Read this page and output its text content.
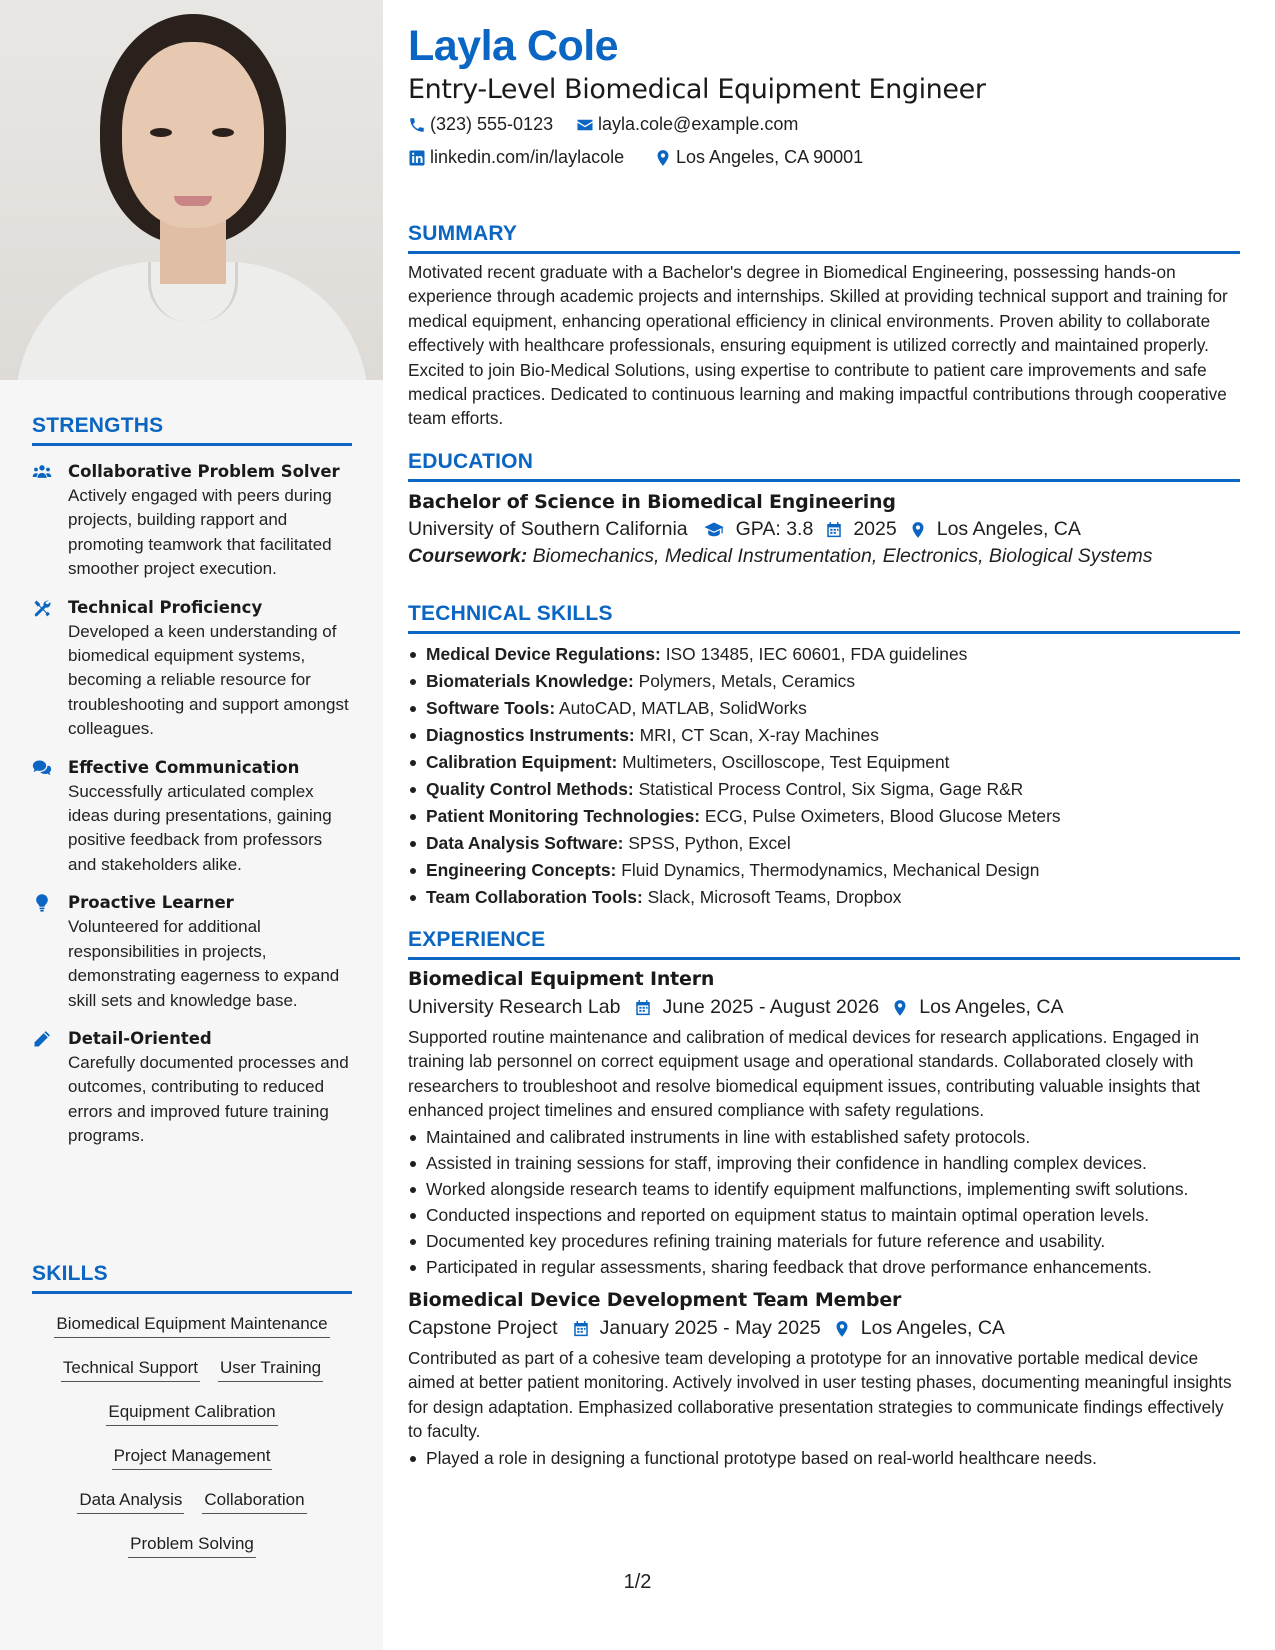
STRENGTHS
Collaborative Problem Solver
Actively engaged with peers during projects, building rapport and promoting teamwork that facilitated smoother project execution.
Technical Proficiency
Developed a keen understanding of biomedical equipment systems, becoming a reliable resource for troubleshooting and support amongst colleagues.
Effective Communication
Successfully articulated complex ideas during presentations, gaining positive feedback from professors and stakeholders alike.
Proactive Learner
Volunteered for additional responsibilities in projects, demonstrating eagerness to expand skill sets and knowledge base.
Detail-Oriented
Carefully documented processes and outcomes, contributing to reduced errors and improved future training programs.
SKILLS
Biomedical Equipment Maintenance
Technical Support User Training
Equipment Calibration
Project Management
Data Analysis Collaboration
Problem Solving
Layla Cole
Entry-Level Biomedical Equipment Engineer
(323) 555-0123 layla.cole@example.com
linkedin.com/in/laylacole	Los Angeles, CA 90001
SUMMARY
Motivated recent graduate with a Bachelor's degree in Biomedical Engineering, possessing hands-on experience through academic projects and internships. Skilled at providing technical support and training for medical equipment, enhancing operational efficiency in clinical environments. Proven ability to collaborate effectively with healthcare professionals, ensuring equipment is utilized correctly and maintained properly. Excited to join Bio-Medical Solutions, using expertise to contribute to patient care improvements and safe medical practices. Dedicated to continuous learning and making impactful contributions through cooperative team efforts.
EDUCATION
Bachelor of Science in Biomedical Engineering
University of Southern California GPA: 3.8 2025 Los Angeles, CA
Coursework: Biomechanics, Medical Instrumentation, Electronics, Biological Systems
TECHNICAL SKILLS
Medical Device Regulations: ISO 13485, IEC 60601, FDA guidelines
Biomaterials Knowledge: Polymers, Metals, Ceramics
Software Tools: AutoCAD, MATLAB, SolidWorks
Diagnostics Instruments: MRI, CT Scan, X-ray Machines
Calibration Equipment: Multimeters, Oscilloscope, Test Equipment
Quality Control Methods: Statistical Process Control, Six Sigma, Gage R&R
Patient Monitoring Technologies: ECG, Pulse Oximeters, Blood Glucose Meters
Data Analysis Software: SPSS, Python, Excel
Engineering Concepts: Fluid Dynamics, Thermodynamics, Mechanical Design
Team Collaboration Tools: Slack, Microsoft Teams, Dropbox
EXPERIENCE
Biomedical Equipment Intern
University Research Lab June 2025 - August 2026 Los Angeles, CA
Supported routine maintenance and calibration of medical devices for research applications. Engaged in training lab personnel on correct equipment usage and operational standards. Collaborated closely with researchers to troubleshoot and resolve biomedical equipment issues, contributing valuable insights that enhanced project timelines and ensured compliance with safety regulations.
Maintained and calibrated instruments in line with established safety protocols.
Assisted in training sessions for staff, improving their confidence in handling complex devices.
Worked alongside research teams to identify equipment malfunctions, implementing swift solutions.
Conducted inspections and reported on equipment status to maintain optimal operation levels.
Documented key procedures refining training materials for future reference and usability.
Participated in regular assessments, sharing feedback that drove performance enhancements.
Biomedical Device Development Team Member
Capstone Project January 2025 - May 2025 Los Angeles, CA
Contributed as part of a cohesive team developing a prototype for an innovative portable medical device aimed at better patient monitoring. Actively involved in user testing phases, documenting meaningful insights for design adaptation. Emphasized collaborative presentation strategies to communicate findings effectively to faculty.
Played a role in designing a functional prototype based on real-world healthcare needs.
1/2
